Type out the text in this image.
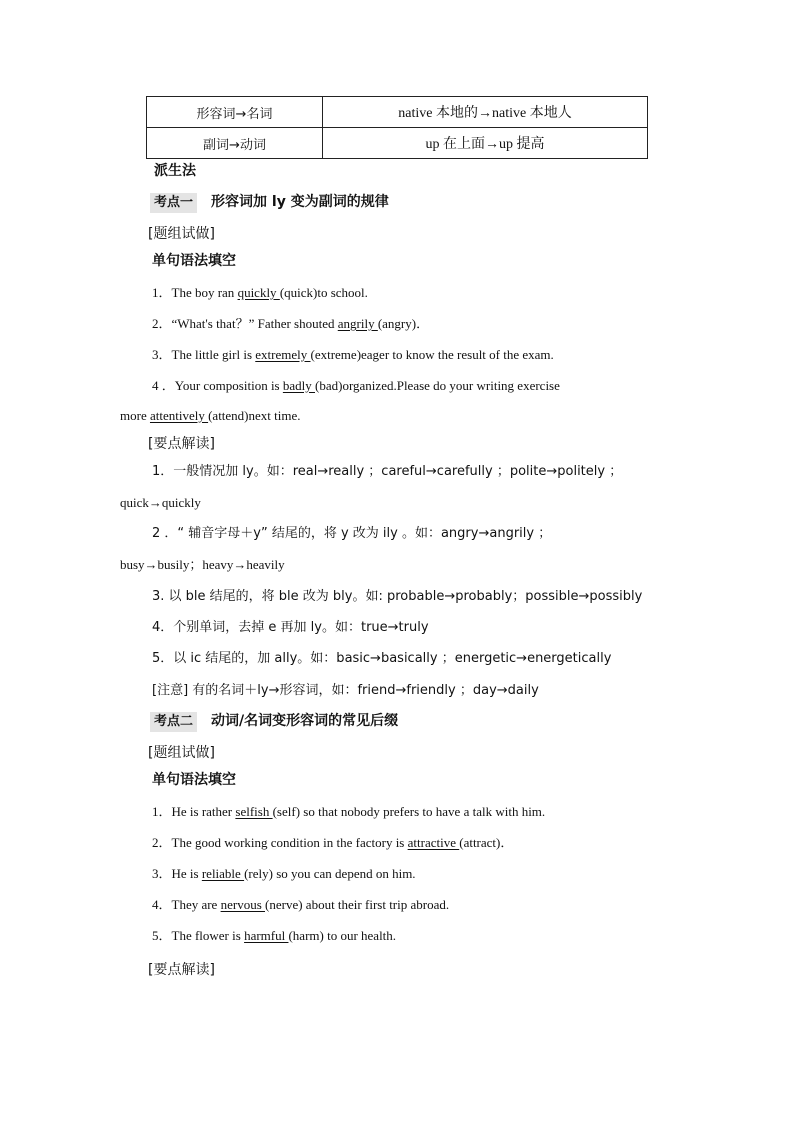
形容词→名词	native 本地的→native 本地人
副词→动词	up 在上面→up 提高
派生法
考点一 形容词加 ly 变为副词的规律
[题组试做]
单句语法填空
1．The boy ran quickly (quick)to school.
2．“What's that？” Father shouted angrily (angry)．
3．The little girl is extremely (extreme)eager to know the result of the exam.
4 ．Your composition is badly (bad)organized.Please do your writing exercise
more attentively (attend)next time.
[要点解读]
1．一般情况加 ly。如：real→really ；careful→carefully ；polite→politely ；
quick→quickly
2 ．“ 辅音字母＋y” 结尾的，将 y 改为 ily 。如：angry→angrily ；
busy→busily；heavy→heavily
3. 以 ble 结尾的，将 ble 改为 bly。如: probable→probably；possible→possibly
4．个别单词，去掉 e 再加 ly。如：true→truly
5．以 ic 结尾的，加 ally。如：basic→basically ；energetic→energetically
[注意] 有的名词＋ly→形容词，如：friend→friendly ；day→daily
考点二 动词/名词变形容词的常见后缀
[题组试做]
单句语法填空
1．He is rather selfish (self) so that nobody prefers to have a talk with him.
2．The good working condition in the factory is attractive (attract)．
3．He is reliable (rely) so you can depend on him.
4．They are nervous (nerve) about their first trip abroad.
5．The flower is harmful (harm) to our health.
[要点解读]
